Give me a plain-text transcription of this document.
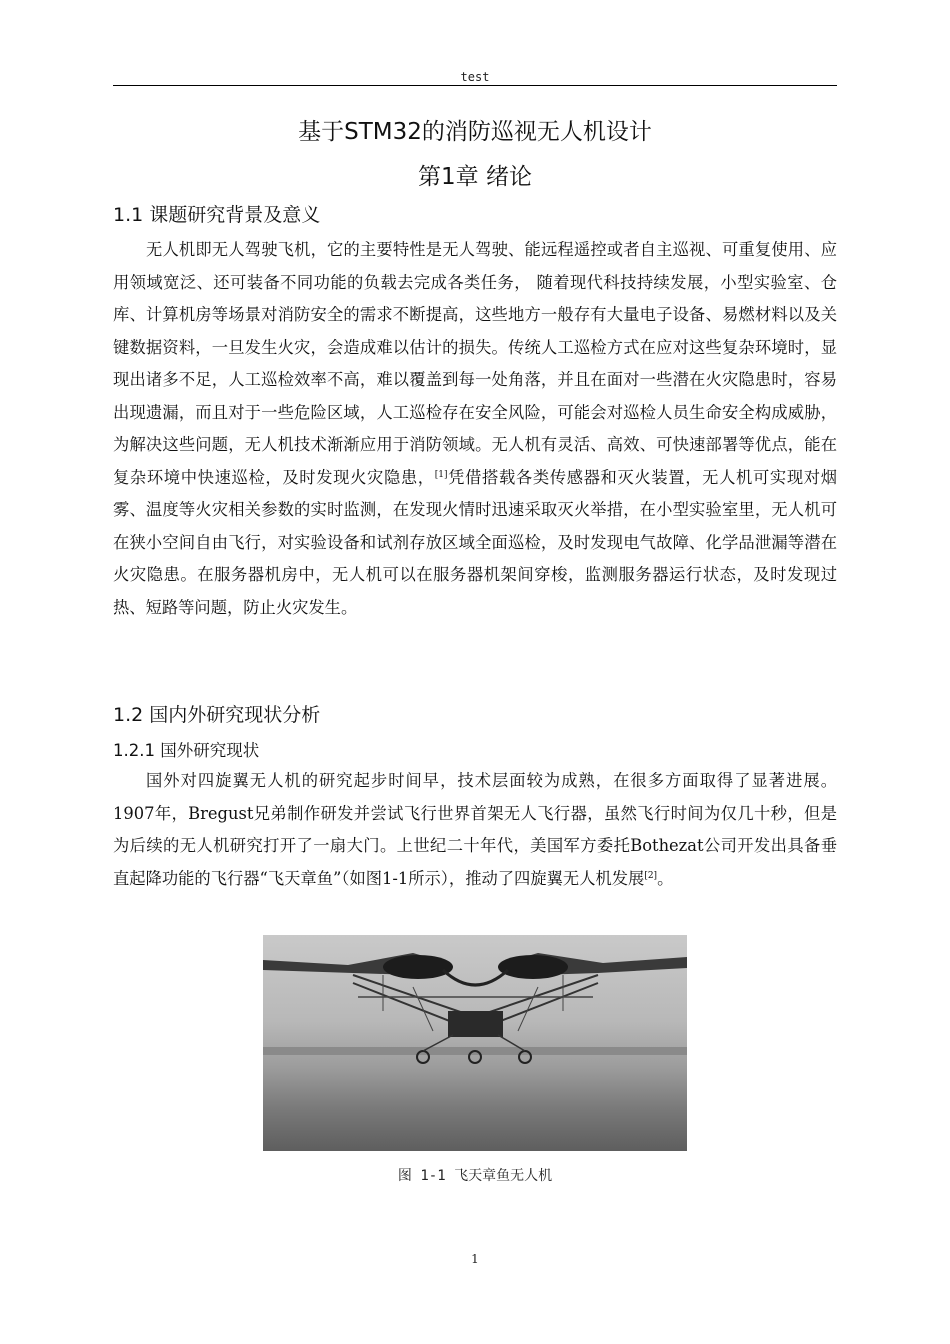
test
基于STM32的消防巡视无人机设计
第1章 绪论
1.1 课题研究背景及意义

无人机即无人驾驶飞机，它的主要特性是无人驾驶、能远程遥控或者自主巡视、可重复使用、应用领域宽泛、还可装备不同功能的负载去完成各类任务， 随着现代科技持续发展，小型实验室、仓库、计算机房等场景对消防安全的需求不断提高，这些地方一般存有大量电子设备、易燃材料以及关键数据资料，一旦发生火灾，会造成难以估计的损失。传统人工巡检方式在应对这些复杂环境时，显现出诸多不足，人工巡检效率不高，难以覆盖到每一处角落，并且在面对一些潜在火灾隐患时，容易出现遗漏，而且对于一些危险区域，人工巡检存在安全风险，可能会对巡检人员生命安全构成威胁， 为解决这些问题，无人机技术渐渐应用于消防领域。无人机有灵活、高效、可快速部署等优点，能在复杂环境中快速巡检，及时发现火灾隐患，[1]凭借搭载各类传感器和灭火装置，无人机可实现对烟雾、温度等火灾相关参数的实时监测，在发现火情时迅速采取灭火举措，在小型实验室里，无人机可在狭小空间自由飞行，对实验设备和试剂存放区域全面巡检，及时发现电气故障、化学品泄漏等潜在火灾隐患。在服务器机房中，无人机可以在服务器机架间穿梭，监测服务器运行状态，及时发现过热、短路等问题，防止火灾发生。

1.2 国内外研究现状分析
1.2.1 国外研究现状

国外对四旋翼无人机的研究起步时间早，技术层面较为成熟，在很多方面取得了显著进展。1907年，Bregust兄弟制作研发并尝试飞行世界首架无人飞行器，虽然飞行时间为仅几十秒，但是为后续的无人机研究打开了一扇大门。上世纪二十年代，美国军方委托Bothezat公司开发出具备垂直起降功能的飞行器“飞天章鱼”（如图1-1所示），推动了四旋翼无人机发展[2]。

图 1-1 飞天章鱼无人机
1
